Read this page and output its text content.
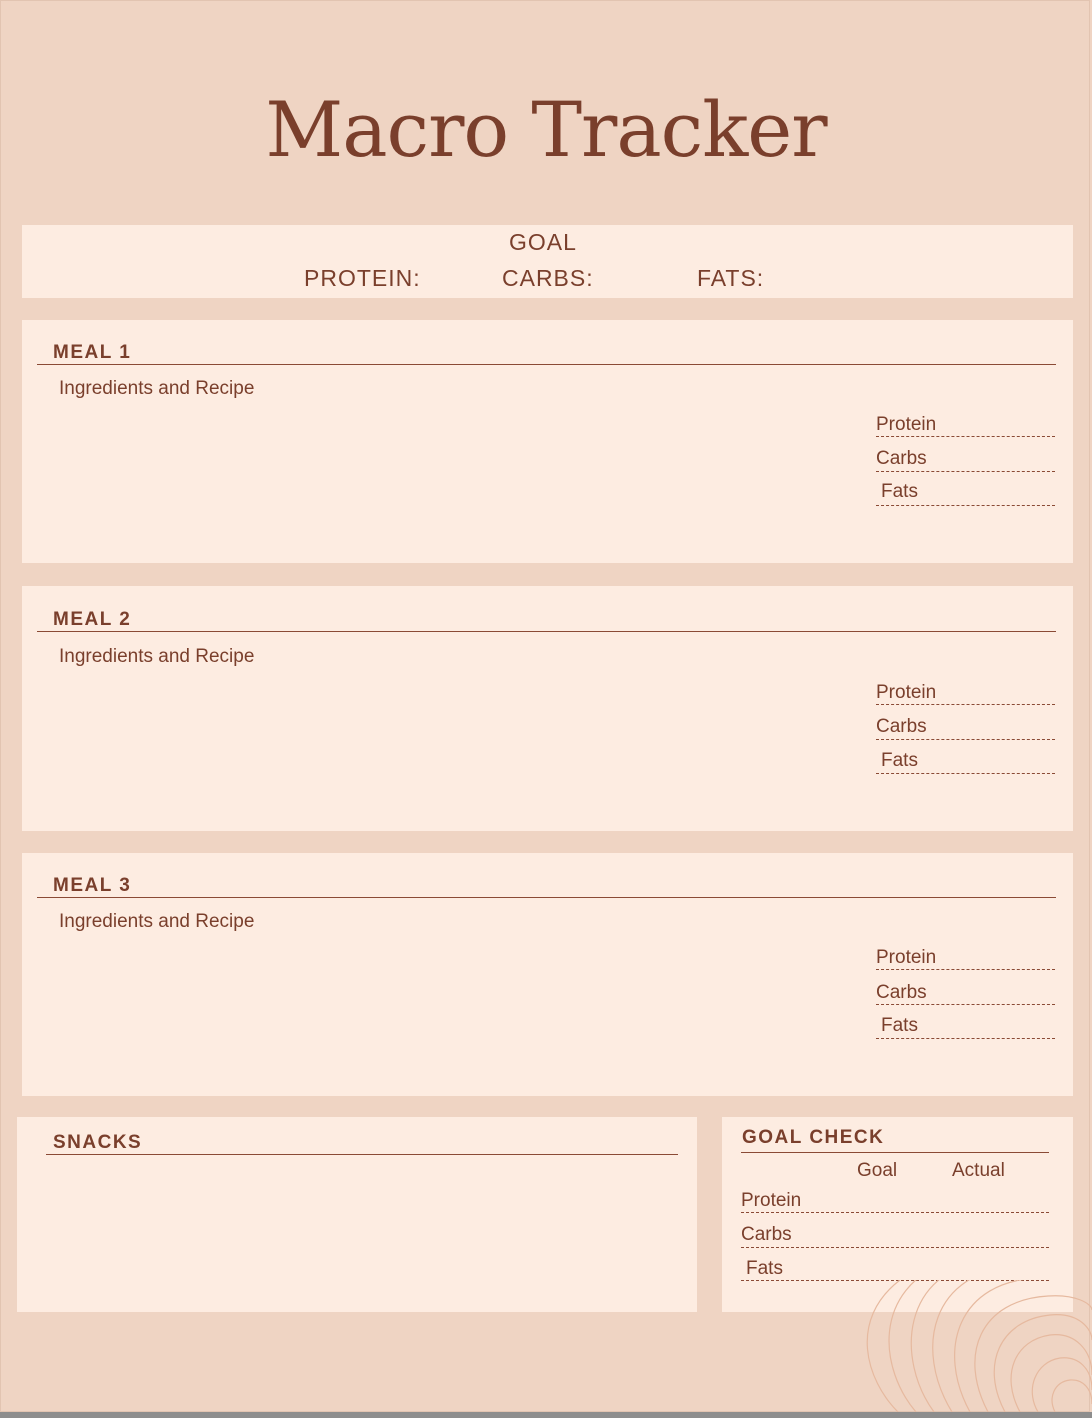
Macro Tracker
GOAL
PROTEIN:	CARBS:	FATS:
MEAL 1
Ingredients and Recipe
Protein
Carbs
Fats
MEAL 2
Ingredients and Recipe
Protein
Carbs
Fats
MEAL 3
Ingredients and Recipe
Protein
Carbs
Fats
SNACKS	GOAL CHECK
Goal	Actual
Protein
Carbs
Fats
